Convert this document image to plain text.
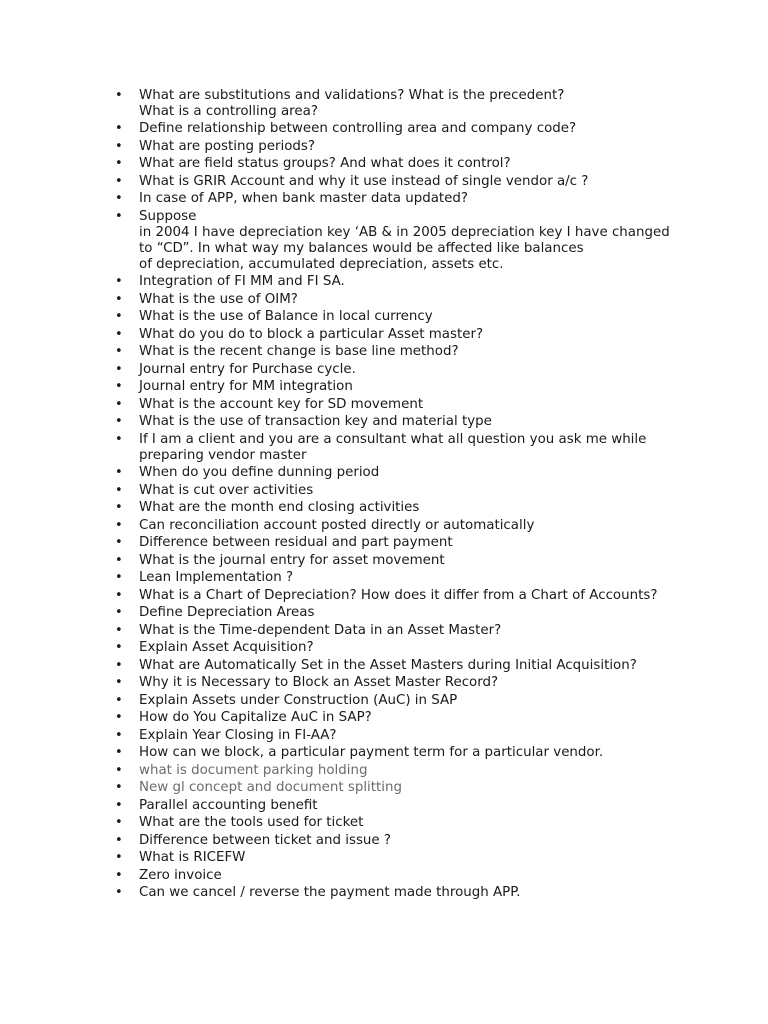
• What are substitutions and validations? What is the precedent?
What is a controlling area?
• Define relationship between controlling area and company code?
• What are posting periods?
• What are field status groups? And what does it control?
• What is GRIR Account and why it use instead of single vendor a/c ?
• In case of APP, when bank master data updated?
• Suppose
in 2004 I have depreciation key ‘AB & in 2005 depreciation key I have changed to “CD”. In what way my balances would be affected like balances
of depreciation, accumulated depreciation, assets etc.
• Integration of FI MM and FI SA.
• What is the use of OIM?
• What is the use of Balance in local currency
• What do you do to block a particular Asset master?
• What is the recent change is base line method?
• Journal entry for Purchase cycle.
• Journal entry for MM integration
• What is the account key for SD movement
• What is the use of transaction key and material type
• If I am a client and you are a consultant what all question you ask me while preparing vendor master
• When do you define dunning period
• What is cut over activities
• What are the month end closing activities
• Can reconciliation account posted directly or automatically
• Difference between residual and part payment
• What is the journal entry for asset movement
• Lean Implementation ?
• What is a Chart of Depreciation? How does it differ from a Chart of Accounts?
• Define Depreciation Areas
• What is the Time-dependent Data in an Asset Master?
• Explain Asset Acquisition?
• What are Automatically Set in the Asset Masters during Initial Acquisition?
• Why it is Necessary to Block an Asset Master Record?
• Explain Assets under Construction (AuC) in SAP
• How do You Capitalize AuC in SAP?
• Explain Year Closing in FI-AA?
• How can we block, a particular payment term for a particular vendor.
• what is document parking holding
• New gl concept and document splitting
• Parallel accounting benefit
• What are the tools used for ticket
• Difference between ticket and issue ?
• What is RICEFW
• Zero invoice
• Can we cancel / reverse the payment made through APP.
